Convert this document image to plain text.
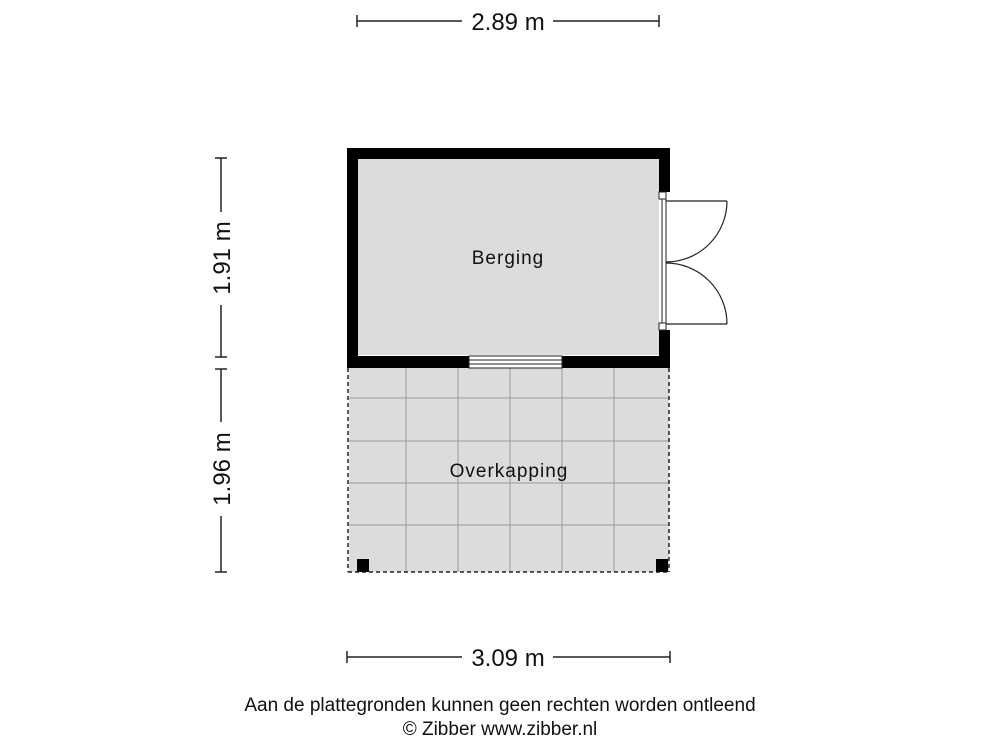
2.89 m
3.09 m
1.91 m
1.96 m	Overkapping
Berging
Aan de plattegronden kunnen geen rechten worden ontleend
© Zibber www.zibber.nl
